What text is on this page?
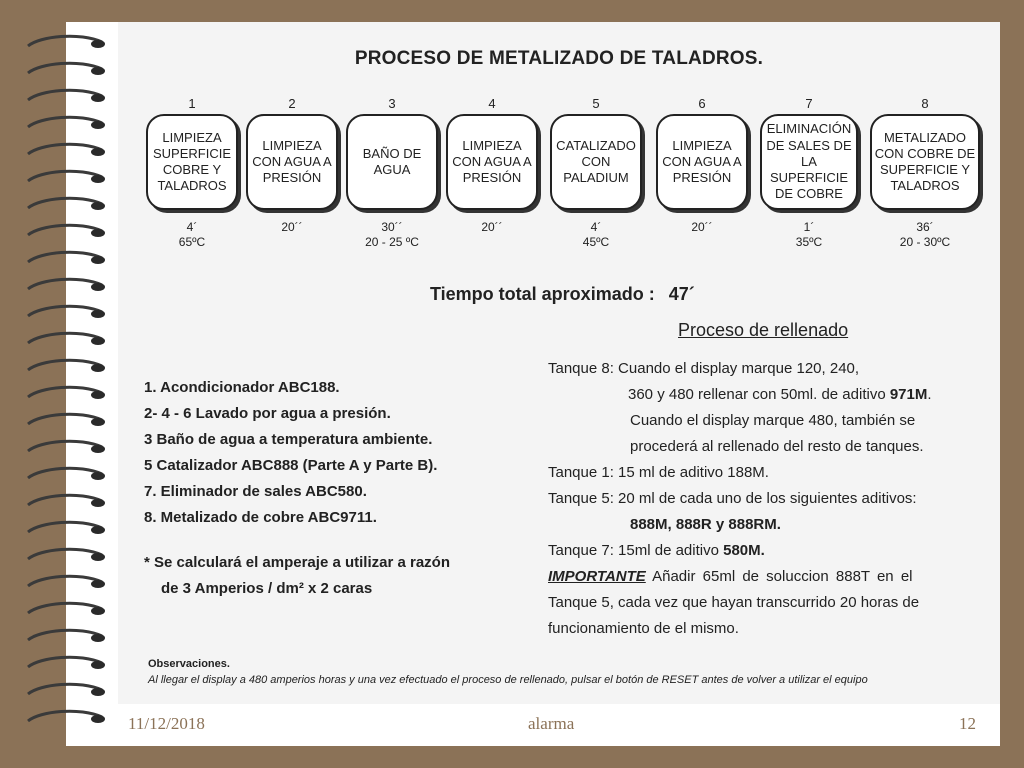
PROCESO DE METALIZADO DE TALADROS.
1
LIMPIEZA SUPERFICIE COBRE Y TALADROS
4´
65ºC
2
LIMPIEZA CON AGUA A PRESIÓN
20´´
3
BAÑO DE AGUA
30´´
20 - 25 ºC
4
LIMPIEZA CON AGUA A PRESIÓN
20´´
5
CATALIZADO CON PALADIUM
4´
45ºC
6
LIMPIEZA CON AGUA A PRESIÓN
20´´
7
ELIMINACIÓN DE SALES DE LA SUPERFICIE DE COBRE
1´
35ºC
8
METALIZADO CON COBRE DE SUPERFICIE Y TALADROS
36´
20 - 30ºC
Tiempo total aproximado : 47´
Proceso de rellenado
1. Acondicionador ABC188.
2- 4 - 6 Lavado por agua a presión.
3 Baño de agua a temperatura ambiente.
5 Catalizador ABC888 (Parte A y Parte B).
7. Eliminador de sales ABC580.
8. Metalizado de cobre ABC9711.
* Se calculará el amperaje a utilizar a razón
de 3 Amperios / dm² x 2 caras
Tanque 8: Cuando el display marque 120, 240,
360 y 480 rellenar con 50ml. de aditivo 971M.
Cuando el display marque 480, también se
procederá al rellenado del resto de tanques.
Tanque 1: 15 ml de aditivo 188M.
Tanque 5: 20 ml de cada uno de los siguientes aditivos:
888M, 888R y 888RM.
Tanque 7: 15ml de aditivo 580M.
IMPORTANTE Añadir 65ml de soluccion 888T en el
Tanque 5, cada vez que hayan transcurrido 20 horas de
funcionamiento de el mismo.
Observaciones.
Al llegar el display a 480 amperios horas y una vez efectuado el proceso de rellenado, pulsar el botón de RESET antes de volver a utilizar el equipo
11/12/2018	alarma	12
